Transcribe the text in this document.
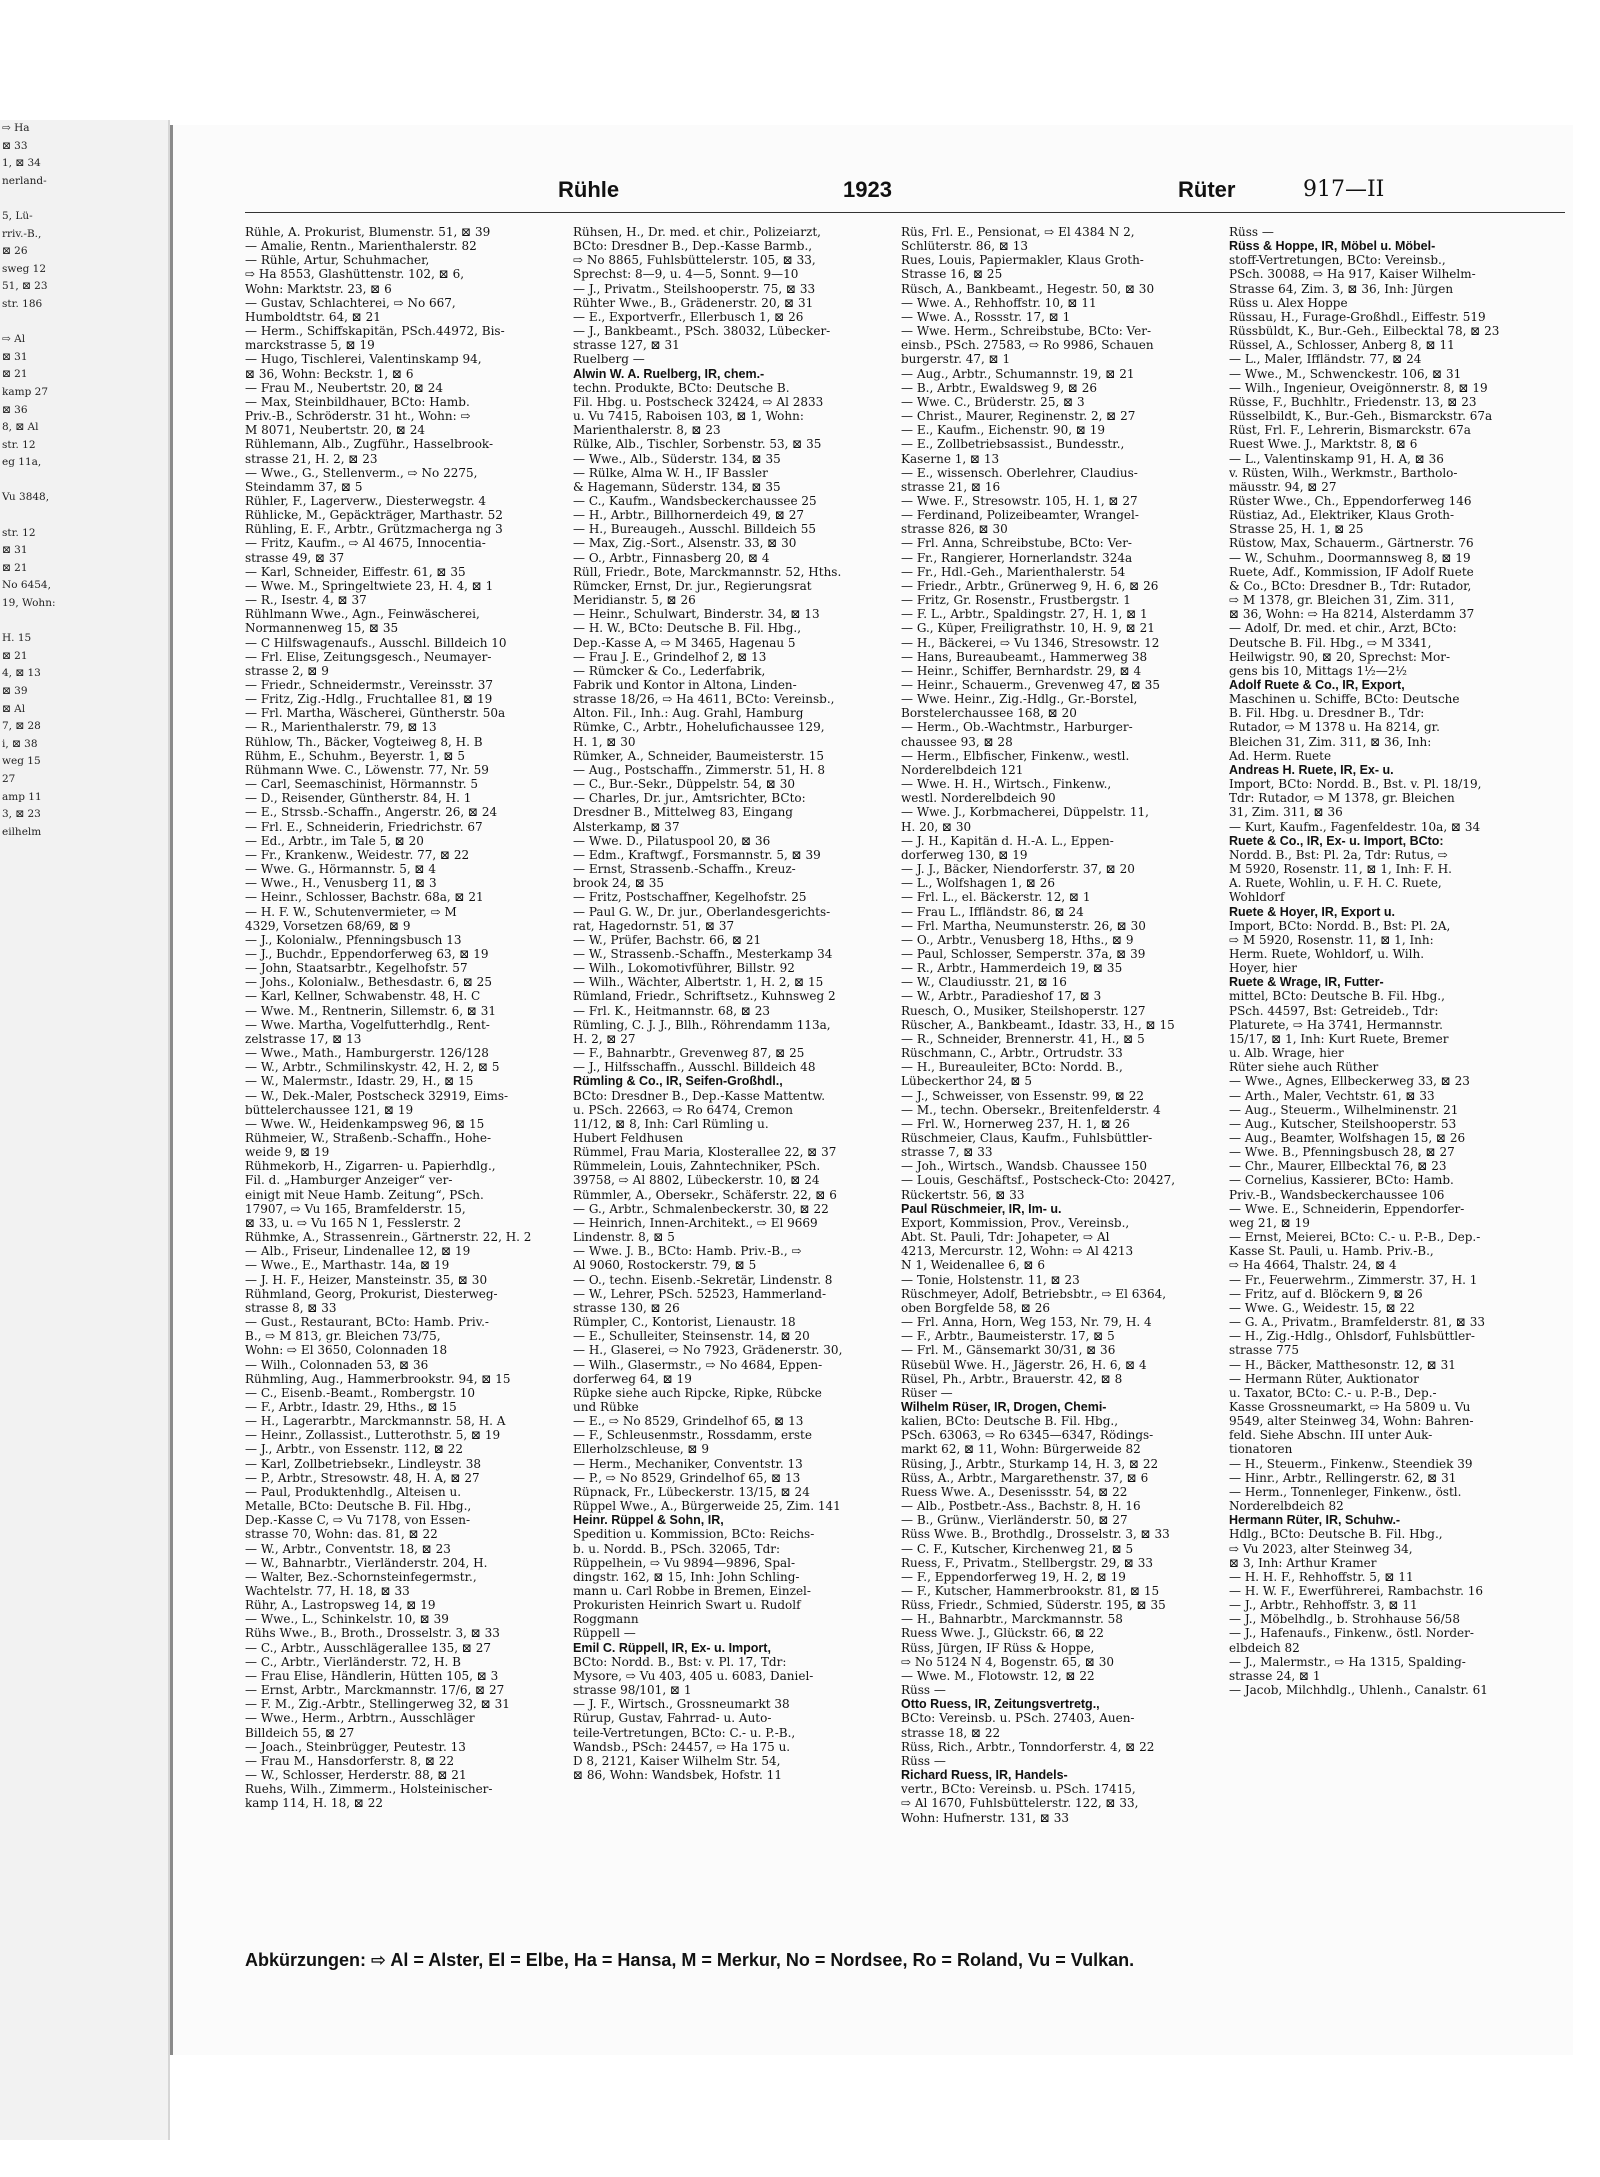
⇨ Ha
⊠ 33
1, ⊠ 34
nerland-

5, Lü-
rriv.-B.,
⊠ 26
sweg 12
51, ⊠ 23
str. 186

⇨ Al
⊠ 31
⊠ 21
kamp 27
⊠ 36
8, ⊠ Al
str. 12
eg 11a,

Vu 3848,

str. 12
⊠ 31
⊠ 21
No 6454,
19, Wohn:

H. 15
⊠ 21
4, ⊠ 13
⊠ 39
⊠ Al
7, ⊠ 28
i, ⊠ 38
weg 15
27
amp 11
3, ⊠ 23
eilhelm
Rühle	1923	Rüter	917—II
Rühle, A. Prokurist, Blumenstr. 51, ⊠ 39
— Amalie, Rentn., Marienthalerstr. 82
— Rühle, Artur, Schuhmacher,
⇨ Ha 8553, Glashüttenstr. 102, ⊠ 6,
Wohn: Marktstr. 23, ⊠ 6
— Gustav, Schlachterei, ⇨ No 667,
Humboldtstr. 64, ⊠ 21
— Herm., Schiffskapitän, PSch.44972, Bis-
marckstrasse 5, ⊠ 19
— Hugo, Tischlerei, Valentinskamp 94,
⊠ 36, Wohn: Beckstr. 1, ⊠ 6
— Frau M., Neubertstr. 20, ⊠ 24
— Max, Steinbildhauer, BCto: Hamb.
Priv.-B., Schröderstr. 31 ht., Wohn: ⇨
M 8071, Neubertstr. 20, ⊠ 24
Rühlemann, Alb., Zugführ., Hasselbrook-
strasse 21, H. 2, ⊠ 23
— Wwe., G., Stellenverm., ⇨ No 2275,
Steindamm 37, ⊠ 5
Rühler, F., Lagerverw., Diesterwegstr. 4
Rühlicke, M., Gepäckträger, Marthastr. 52
Rühling, E. F., Arbtr., Grützmacherga ng 3
— Fritz, Kaufm., ⇨ Al 4675, Innocentia-
strasse 49, ⊠ 37
— Karl, Schneider, Eiffestr. 61, ⊠ 35
— Wwe. M., Springeltwiete 23, H. 4, ⊠ 1
— R., Isestr. 4, ⊠ 37
Rühlmann Wwe., Agn., Feinwäscherei,
Normannenweg 15, ⊠ 35
— C Hilfswagenaufs., Ausschl. Billdeich 10
— Frl. Elise, Zeitungsgesch., Neumayer-
strasse 2, ⊠ 9
— Friedr., Schneidermstr., Vereinsstr. 37
— Fritz, Zig.-Hdlg., Fruchtallee 81, ⊠ 19
— Frl. Martha, Wäscherei, Güntherstr. 50a
— R., Marienthalerstr. 79, ⊠ 13
Rühlow, Th., Bäcker, Vogteiweg 8, H. B
Rühm, E., Schuhm., Beyerstr. 1, ⊠ 5
Rühmann Wwe. C., Löwenstr. 77, Nr. 59
— Carl, Seemaschinist, Hörmannstr. 5
— D., Reisender, Güntherstr. 84, H. 1
— E., Strssb.-Schaffn., Angerstr. 26, ⊠ 24
— Frl. E., Schneiderin, Friedrichstr. 67
— Ed., Arbtr., im Tale 5, ⊠ 20
— Fr., Krankenw., Weidestr. 77, ⊠ 22
— Wwe. G., Hörmannstr. 5, ⊠ 4
— Wwe., H., Venusberg 11, ⊠ 3
— Heinr., Schlosser, Bachstr. 68a, ⊠ 21
— H. F. W., Schutenvermieter, ⇨ M
4329, Vorsetzen 68/69, ⊠ 9
— J., Kolonialw., Pfenningsbusch 13
— J., Buchdr., Eppendorferweg 63, ⊠ 19
— John, Staatsarbtr., Kegelhofstr. 57
— Johs., Kolonialw., Bethesdastr. 6, ⊠ 25
— Karl, Kellner, Schwabenstr. 48, H. C
— Wwe. M., Rentnerin, Sillemstr. 6, ⊠ 31
— Wwe. Martha, Vogelfutterhdlg., Rent-
zelstrasse 17, ⊠ 13
— Wwe., Math., Hamburgerstr. 126/128
— W., Arbtr., Schmilinskystr. 42, H. 2, ⊠ 5
— W., Malermstr., Idastr. 29, H., ⊠ 15
— W., Dek.-Maler, Postscheck 32919, Eims-
büttelerchaussee 121, ⊠ 19
— Wwe. W., Heidenkampsweg 96, ⊠ 15
Rühmeier, W., Straßenb.-Schaffn., Hohe-
weide 9, ⊠ 19
Rühmekorb, H., Zigarren- u. Papierhdlg.,
Fil. d. „Hamburger Anzeiger“ ver-
einigt mit Neue Hamb. Zeitung“, PSch.
17907, ⇨ Vu 165, Bramfelderstr. 15,
⊠ 33, u. ⇨ Vu 165 N 1, Fesslerstr. 2
Rühmke, A., Strassenrein., Gärtnerstr. 22, H. 2
— Alb., Friseur, Lindenallee 12, ⊠ 19
— Wwe., E., Marthastr. 14a, ⊠ 19
— J. H. F., Heizer, Mansteinstr. 35, ⊠ 30
Rühmland, Georg, Prokurist, Diesterweg-
strasse 8, ⊠ 33
— Gust., Restaurant, BCto: Hamb. Priv.-
B., ⇨ M 813, gr. Bleichen 73/75,
Wohn: ⇨ El 3650, Colonnaden 18
— Wilh., Colonnaden 53, ⊠ 36
Rühmling, Aug., Hammerbrookstr. 94, ⊠ 15
— C., Eisenb.-Beamt., Rombergstr. 10
— F., Arbtr., Idastr. 29, Hths., ⊠ 15
— H., Lagerarbtr., Marckmannstr. 58, H. A
— Heinr., Zollassist., Lutterothstr. 5, ⊠ 19
— J., Arbtr., von Essenstr. 112, ⊠ 22
— Karl, Zollbetriebsekr., Lindleystr. 38
— P., Arbtr., Stresowstr. 48, H. A, ⊠ 27
— Paul, Produktenhdlg., Alteisen u.
Metalle, BCto: Deutsche B. Fil. Hbg.,
Dep.-Kasse C, ⇨ Vu 7178, von Essen-
strasse 70, Wohn: das. 81, ⊠ 22
— W., Arbtr., Conventstr. 18, ⊠ 23
— W., Bahnarbtr., Vierländerstr. 204, H.
— Walter, Bez.-Schornsteinfegermstr.,
Wachtelstr. 77, H. 18, ⊠ 33
Rühr, A., Lastropsweg 14, ⊠ 19
— Wwe., L., Schinkelstr. 10, ⊠ 39
Rühs Wwe., B., Broth., Drosselstr. 3, ⊠ 33
— C., Arbtr., Ausschlägerallee 135, ⊠ 27
— C., Arbtr., Vierländerstr. 72, H. B
— Frau Elise, Händlerin, Hütten 105, ⊠ 3
— Ernst, Arbtr., Marckmannstr. 17/6, ⊠ 27
— F. M., Zig.-Arbtr., Stellingerweg 32, ⊠ 31
— Wwe., Herm., Arbtrn., Ausschläger
Billdeich 55, ⊠ 27
— Joach., Steinbrügger, Peutestr. 13
— Frau M., Hansdorferstr. 8, ⊠ 22
— W., Schlosser, Herderstr. 88, ⊠ 21
Ruehs, Wilh., Zimmerm., Holsteinischer-
kamp 114, H. 18, ⊠ 22
Rühsen, H., Dr. med. et chir., Polizeiarzt,
BCto: Dresdner B., Dep.-Kasse Barmb.,
⇨ No 8865, Fuhlsbüttelerstr. 105, ⊠ 33,
Sprechst: 8—9, u. 4—5, Sonnt. 9—10
— J., Privatm., Steilshooperstr. 75, ⊠ 33
Rühter Wwe., B., Grädenerstr. 20, ⊠ 31
— E., Exportverfr., Ellerbusch 1, ⊠ 26
— J., Bankbeamt., PSch. 38032, Lübecker-
strasse 127, ⊠ 31
Ruelberg —
Alwin W. A. Ruelberg, IR, chem.-
techn. Produkte, BCto: Deutsche B.
Fil. Hbg. u. Postscheck 32424, ⇨ Al 2833
u. Vu 7415, Raboisen 103, ⊠ 1, Wohn:
Marienthalerstr. 8, ⊠ 23
Rülke, Alb., Tischler, Sorbenstr. 53, ⊠ 35
— Wwe., Alb., Süderstr. 134, ⊠ 35
— Rülke, Alma W. H., IF Bassler
& Hagemann, Süderstr. 134, ⊠ 35
— C., Kaufm., Wandsbeckerchaussee 25
— H., Arbtr., Billhornerdeich 49, ⊠ 27
— H., Bureaugeh., Ausschl. Billdeich 55
— Max, Zig.-Sort., Alsenstr. 33, ⊠ 30
— O., Arbtr., Finnasberg 20, ⊠ 4
Rüll, Friedr., Bote, Marckmannstr. 52, Hths.
Rümcker, Ernst, Dr. jur., Regierungsrat
Meridianstr. 5, ⊠ 26
— Heinr., Schulwart, Binderstr. 34, ⊠ 13
— H. W., BCto: Deutsche B. Fil. Hbg.,
Dep.-Kasse A, ⇨ M 3465, Hagenau 5
— Frau J. E., Grindelhof 2, ⊠ 13
— Rümcker & Co., Lederfabrik,
Fabrik und Kontor in Altona, Linden-
strasse 18/26, ⇨ Ha 4611, BCto: Vereinsb.,
Alton. Fil., Inh.: Aug. Grahl, Hamburg
Rümke, C., Arbtr., Hohelufichaussee 129,
H. 1, ⊠ 30
Rümker, A., Schneider, Baumeisterstr. 15
— Aug., Postschaffn., Zimmerstr. 51, H. 8
— C., Bur.-Sekr., Düppelstr. 54, ⊠ 30
— Charles, Dr. jur., Amtsrichter, BCto:
Dresdner B., Mittelweg 83, Eingang
Alsterkamp, ⊠ 37
— Wwe. D., Pilatuspool 20, ⊠ 36
— Edm., Kraftwgf., Forsmannstr. 5, ⊠ 39
— Ernst, Strassenb.-Schaffn., Kreuz-
brook 24, ⊠ 35
— Fritz, Postschaffner, Kegelhofstr. 25
— Paul G. W., Dr. jur., Oberlandesgerichts-
rat, Hagedornstr. 51, ⊠ 37
— W., Prüfer, Bachstr. 66, ⊠ 21
— W., Strassenb.-Schaffn., Mesterkamp 34
— Wilh., Lokomotivführer, Billstr. 92
— Wilh., Wächter, Albertstr. 1, H. 2, ⊠ 15
Rümland, Friedr., Schriftsetz., Kuhnsweg 2
— Frl. K., Heitmannstr. 68, ⊠ 23
Rümling, C. J. J., Bllh., Röhrendamm 113a,
H. 2, ⊠ 27
— F., Bahnarbtr., Grevenweg 87, ⊠ 25
— J., Hilfsschaffn., Ausschl. Billdeich 48
Rümling & Co., IR, Seifen-Großhdl.,
BCto: Dresdner B., Dep.-Kasse Mattentw.
u. PSch. 22663, ⇨ Ro 6474, Cremon
11/12, ⊠ 8, Inh: Carl Rümling u.
Hubert Feldhusen
Rümmel, Frau Maria, Klosterallee 22, ⊠ 37
Rümmelein, Louis, Zahntechniker, PSch.
39758, ⇨ Al 8802, Lübeckerstr. 10, ⊠ 24
Rümmler, A., Obersekr., Schäferstr. 22, ⊠ 6
— G., Arbtr., Schmalenbeckerstr. 30, ⊠ 22
— Heinrich, Innen-Architekt., ⇨ El 9669
Lindenstr. 8, ⊠ 5
— Wwe. J. B., BCto: Hamb. Priv.-B., ⇨
Al 9060, Rostockerstr. 79, ⊠ 5
— O., techn. Eisenb.-Sekretär, Lindenstr. 8
— W., Lehrer, PSch. 52523, Hammerland-
strasse 130, ⊠ 26
Rümpler, C., Kontorist, Lienaustr. 18
— E., Schulleiter, Steinsenstr. 14, ⊠ 20
— H., Glaserei, ⇨ No 7923, Grädenerstr. 30,
— Wilh., Glasermstr., ⇨ No 4684, Eppen-
dorferweg 64, ⊠ 19
Rüpke siehe auch Ripcke, Ripke, Rübcke
und Rübke
— E., ⇨ No 8529, Grindelhof 65, ⊠ 13
— F., Schleusenmstr., Rossdamm, erste
Ellerholzschleuse, ⊠ 9
— Herm., Mechaniker, Conventstr. 13
— P., ⇨ No 8529, Grindelhof 65, ⊠ 13
Rüpnack, Fr., Lübeckerstr. 13/15, ⊠ 24
Rüppel Wwe., A., Bürgerweide 25, Zim. 141
Heinr. Rüppel & Sohn, IR,
Spedition u. Kommission, BCto: Reichs-
b. u. Nordd. B., PSch. 32065, Tdr:
Rüppelhein, ⇨ Vu 9894—9896, Spal-
dingstr. 162, ⊠ 15, Inh: John Schling-
mann u. Carl Robbe in Bremen, Einzel-
Prokuristen Heinrich Swart u. Rudolf
Roggmann
Rüppell —
Emil C. Rüppell, IR, Ex- u. Import,
BCto: Nordd. B., Bst: v. Pl. 17, Tdr:
Mysore, ⇨ Vu 403, 405 u. 6083, Daniel-
strasse 98/101, ⊠ 1
— J. F., Wirtsch., Grossneumarkt 38
Rürup, Gustav, Fahrrad- u. Auto-
teile-Vertretungen, BCto: C.- u. P.-B.,
Wandsb., PSch: 24457, ⇨ Ha 175 u.
D 8, 2121, Kaiser Wilhelm Str. 54,
⊠ 86, Wohn: Wandsbek, Hofstr. 11
Rüs, Frl. E., Pensionat, ⇨ El 4384 N 2,
Schlüterstr. 86, ⊠ 13
Rues, Louis, Papiermakler, Klaus Groth-
Strasse 16, ⊠ 25
Rüsch, A., Bankbeamt., Hegestr. 50, ⊠ 30
— Wwe. A., Rehhoffstr. 10, ⊠ 11
— Wwe. A., Rossstr. 17, ⊠ 1
— Wwe. Herm., Schreibstube, BCto: Ver-
einsb., PSch. 27583, ⇨ Ro 9986, Schauen
burgerstr. 47, ⊠ 1
— Aug., Arbtr., Schumannstr. 19, ⊠ 21
— B., Arbtr., Ewaldsweg 9, ⊠ 26
— Wwe. C., Brüderstr. 25, ⊠ 3
— Christ., Maurer, Reginenstr. 2, ⊠ 27
— E., Kaufm., Eichenstr. 90, ⊠ 19
— E., Zollbetriebsassist., Bundesstr.,
Kaserne 1, ⊠ 13
— E., wissensch. Oberlehrer, Claudius-
strasse 21, ⊠ 16
— Wwe. F., Stresowstr. 105, H. 1, ⊠ 27
— Ferdinand, Polizeibeamter, Wrangel-
strasse 826, ⊠ 30
— Frl. Anna, Schreibstube, BCto: Ver-
— Fr., Rangierer, Hornerlandstr. 324a
— Fr., Hdl.-Geh., Marienthalerstr. 54
— Friedr., Arbtr., Grünerweg 9, H. 6, ⊠ 26
— Fritz, Gr. Rosenstr., Frustbergstr. 1
— F. L., Arbtr., Spaldingstr. 27, H. 1, ⊠ 1
— G., Küper, Freiligrathstr. 10, H. 9, ⊠ 21
— H., Bäckerei, ⇨ Vu 1346, Stresowstr. 12
— Hans, Bureaubeamt., Hammerweg 38
— Heinr., Schiffer, Bernhardstr. 29, ⊠ 4
— Heinr., Schauerm., Grevenweg 47, ⊠ 35
— Wwe. Heinr., Zig.-Hdlg., Gr.-Borstel,
Borstelerchaussee 168, ⊠ 20
— Herm., Ob.-Wachtmstr., Harburger-
chaussee 93, ⊠ 28
— Herm., Elbfischer, Finkenw., westl.
Norderelbdeich 121
— Wwe. H. H., Wirtsch., Finkenw.,
westl. Norderelbdeich 90
— Wwe. J., Korbmacherei, Düppelstr. 11,
H. 20, ⊠ 30
— J. H., Kapitän d. H.-A. L., Eppen-
dorferweg 130, ⊠ 19
— J. J., Bäcker, Niendorferstr. 37, ⊠ 20
— L., Wolfshagen 1, ⊠ 26
— Frl. L., el. Bäckerstr. 12, ⊠ 1
— Frau L., Iffländstr. 86, ⊠ 24
— Frl. Martha, Neumunsterstr. 26, ⊠ 30
— O., Arbtr., Venusberg 18, Hths., ⊠ 9
— Paul, Schlosser, Semperstr. 37a, ⊠ 39
— R., Arbtr., Hammerdeich 19, ⊠ 35
— W., Claudiusstr. 21, ⊠ 16
— W., Arbtr., Paradieshof 17, ⊠ 3
Ruesch, O., Musiker, Steilshoperstr. 127
Rüscher, A., Bankbeamt., Idastr. 33, H., ⊠ 15
— R., Schneider, Brennerstr. 41, H., ⊠ 5
Rüschmann, C., Arbtr., Ortrudstr. 33
— H., Bureauleiter, BCto: Nordd. B.,
Lübeckerthor 24, ⊠ 5
— J., Schweisser, von Essenstr. 99, ⊠ 22
— M., techn. Obersekr., Breitenfelderstr. 4
— Frl. W., Hornerweg 237, H. 1, ⊠ 26
Rüschmeier, Claus, Kaufm., Fuhlsbüttler-
strasse 7, ⊠ 33
— Joh., Wirtsch., Wandsb. Chaussee 150
— Louis, Geschäftsf., Postscheck-Cto: 20427,
Rückertstr. 56, ⊠ 33
Paul Rüschmeier, IR, Im- u.
Export, Kommission, Prov., Vereinsb.,
Abt. St. Pauli, Tdr: Johapeter, ⇨ Al
4213, Mercurstr. 12, Wohn: ⇨ Al 4213
N 1, Weidenallee 6, ⊠ 6
— Tonie, Holstenstr. 11, ⊠ 23
Rüschmeyer, Adolf, Betriebsbtr., ⇨ El 6364,
oben Borgfelde 58, ⊠ 26
— Frl. Anna, Horn, Weg 153, Nr. 79, H. 4
— F., Arbtr., Baumeisterstr. 17, ⊠ 5
— Frl. M., Gänsemarkt 30/31, ⊠ 36
Rüsebül Wwe. H., Jägerstr. 26, H. 6, ⊠ 4
Rüsel, Ph., Arbtr., Brauerstr. 42, ⊠ 8
Rüser —
Wilhelm Rüser, IR, Drogen, Chemi-
kalien, BCto: Deutsche B. Fil. Hbg.,
PSch. 63063, ⇨ Ro 6345—6347, Rödings-
markt 62, ⊠ 11, Wohn: Bürgerweide 82
Rüsing, J., Arbtr., Sturkamp 14, H. 3, ⊠ 22
Rüss, A., Arbtr., Margarethenstr. 37, ⊠ 6
Ruess Wwe. A., Desenissstr. 54, ⊠ 22
— Alb., Postbetr.-Ass., Bachstr. 8, H. 16
— B., Grünw., Vierländerstr. 50, ⊠ 27
Rüss Wwe. B., Brothdlg., Drosselstr. 3, ⊠ 33
— C. F., Kutscher, Kirchenweg 21, ⊠ 5
Ruess, F., Privatm., Stellbergstr. 29, ⊠ 33
— F., Eppendorferweg 19, H. 2, ⊠ 19
— F., Kutscher, Hammerbrookstr. 81, ⊠ 15
Rüss, Friedr., Schmied, Süderstr. 195, ⊠ 35
— H., Bahnarbtr., Marckmannstr. 58
Ruess Wwe. J., Glückstr. 66, ⊠ 22
Rüss, Jürgen, IF Rüss & Hoppe,
⇨ No 5124 N 4, Bogenstr. 65, ⊠ 30
— Wwe. M., Flotowstr. 12, ⊠ 22
Rüss —
Otto Ruess, IR, Zeitungsvertretg.,
BCto: Vereinsb. u. PSch. 27403, Auen-
strasse 18, ⊠ 22
Rüss, Rich., Arbtr., Tonndorferstr. 4, ⊠ 22
Rüss —
Richard Ruess, IR, Handels-
vertr., BCto: Vereinsb. u. PSch. 17415,
⇨ Al 1670, Fuhlsbüttelerstr. 122, ⊠ 33,
Wohn: Hufnerstr. 131, ⊠ 33
Rüss —
Rüss & Hoppe, IR, Möbel u. Möbel-
stoff-Vertretungen, BCto: Vereinsb.,
PSch. 30088, ⇨ Ha 917, Kaiser Wilhelm-
Strasse 64, Zim. 3, ⊠ 36, Inh: Jürgen
Rüss u. Alex Hoppe
Rüssau, H., Furage-Großhdl., Eiffestr. 519
Rüssbüldt, K., Bur.-Geh., Eilbecktal 78, ⊠ 23
Rüssel, A., Schlosser, Anberg 8, ⊠ 11
— L., Maler, Iffländstr. 77, ⊠ 24
— Wwe., M., Schwenckestr. 106, ⊠ 31
— Wilh., Ingenieur, Oveigönnerstr. 8, ⊠ 19
Rüsse, F., Buchhltr., Friedenstr. 13, ⊠ 23
Rüsselbildt, K., Bur.-Geh., Bismarckstr. 67a
Rüst, Frl. F., Lehrerin, Bismarckstr. 67a
Ruest Wwe. J., Marktstr. 8, ⊠ 6
— L., Valentinskamp 91, H. A, ⊠ 36
v. Rüsten, Wilh., Werkmstr., Bartholo-
mäusstr. 94, ⊠ 27
Rüster Wwe., Ch., Eppendorferweg 146
Rüstiaz, Ad., Elektriker, Klaus Groth-
Strasse 25, H. 1, ⊠ 25
Rüstow, Max, Schauerm., Gärtnerstr. 76
— W., Schuhm., Doormannsweg 8, ⊠ 19
Ruete, Adf., Kommission, IF Adolf Ruete
& Co., BCto: Dresdner B., Tdr: Rutador,
⇨ M 1378, gr. Bleichen 31, Zim. 311,
⊠ 36, Wohn: ⇨ Ha 8214, Alsterdamm 37
— Adolf, Dr. med. et chir., Arzt, BCto:
Deutsche B. Fil. Hbg., ⇨ M 3341,
Heilwigstr. 90, ⊠ 20, Sprechst: Mor-
gens bis 10, Mittags 1½—2½
Adolf Ruete & Co., IR, Export,
Maschinen u. Schiffe, BCto: Deutsche
B. Fil. Hbg. u. Dresdner B., Tdr:
Rutador, ⇨ M 1378 u. Ha 8214, gr.
Bleichen 31, Zim. 311, ⊠ 36, Inh:
Ad. Herm. Ruete
Andreas H. Ruete, IR, Ex- u.
Import, BCto: Nordd. B., Bst. v. Pl. 18/19,
Tdr: Rutador, ⇨ M 1378, gr. Bleichen
31, Zim. 311, ⊠ 36
— Kurt, Kaufm., Fagenfeldestr. 10a, ⊠ 34
Ruete & Co., IR, Ex- u. Import, BCto:
Nordd. B., Bst: Pl. 2a, Tdr: Rutus, ⇨
M 5920, Rosenstr. 11, ⊠ 1, Inh: F. H.
A. Ruete, Wohlin, u. F. H. C. Ruete,
Wohldorf
Ruete & Hoyer, IR, Export u.
Import, BCto: Nordd. B., Bst: Pl. 2A,
⇨ M 5920, Rosenstr. 11, ⊠ 1, Inh:
Herm. Ruete, Wohldorf, u. Wilh.
Hoyer, hier
Ruete & Wrage, IR, Futter-
mittel, BCto: Deutsche B. Fil. Hbg.,
PSch. 44597, Bst: Getreideb., Tdr:
Platurete, ⇨ Ha 3741, Hermannstr.
15/17, ⊠ 1, Inh: Kurt Ruete, Bremer
u. Alb. Wrage, hier
Rüter siehe auch Rüther
— Wwe., Agnes, Ellbeckerweg 33, ⊠ 23
— Arth., Maler, Vechtstr. 61, ⊠ 33
— Aug., Steuerm., Wilhelminenstr. 21
— Aug., Kutscher, Steilshooperstr. 53
— Aug., Beamter, Wolfshagen 15, ⊠ 26
— Wwe. B., Pfenningsbusch 28, ⊠ 27
— Chr., Maurer, Ellbecktal 76, ⊠ 23
— Cornelius, Kassierer, BCto: Hamb.
Priv.-B., Wandsbeckerchaussee 106
— Wwe. E., Schneiderin, Eppendorfer-
weg 21, ⊠ 19
— Ernst, Meierei, BCto: C.- u. P.-B., Dep.-
Kasse St. Pauli, u. Hamb. Priv.-B.,
⇨ Ha 4664, Thalstr. 24, ⊠ 4
— Fr., Feuerwehrm., Zimmerstr. 37, H. 1
— Fritz, auf d. Blöckern 9, ⊠ 26
— Wwe. G., Weidestr. 15, ⊠ 22
— G. A., Privatm., Bramfelderstr. 81, ⊠ 33
— H., Zig.-Hdlg., Ohlsdorf, Fuhlsbüttler-
strasse 775
— H., Bäcker, Matthesonstr. 12, ⊠ 31
— Hermann Rüter, Auktionator
u. Taxator, BCto: C.- u. P.-B., Dep.-
Kasse Grossneumarkt, ⇨ Ha 5809 u. Vu
9549, alter Steinweg 34, Wohn: Bahren-
feld. Siehe Abschn. III unter Auk-
tionatoren
— H., Steuerm., Finkenw., Steendiek 39
— Hinr., Arbtr., Rellingerstr. 62, ⊠ 31
— Herm., Tonnenleger, Finkenw., östl.
Norderelbdeich 82
Hermann Rüter, IR, Schuhw.-
Hdlg., BCto: Deutsche B. Fil. Hbg.,
⇨ Vu 2023, alter Steinweg 34,
⊠ 3, Inh: Arthur Kramer
— H. H. F., Rehhoffstr. 5, ⊠ 11
— H. W. F., Ewerführerei, Rambachstr. 16
— J., Arbtr., Rehhoffstr. 3, ⊠ 11
— J., Möbelhdlg., b. Strohhause 56/58
— J., Hafenaufs., Finkenw., östl. Norder-
elbdeich 82
— J., Malermstr., ⇨ Ha 1315, Spalding-
strasse 24, ⊠ 1
— Jacob, Milchhdlg., Uhlenh., Canalstr. 61
Abkürzungen: ⇨ Al = Alster, El = Elbe, Ha = Hansa, M = Merkur, No = Nordsee, Ro = Roland, Vu = Vulkan.
